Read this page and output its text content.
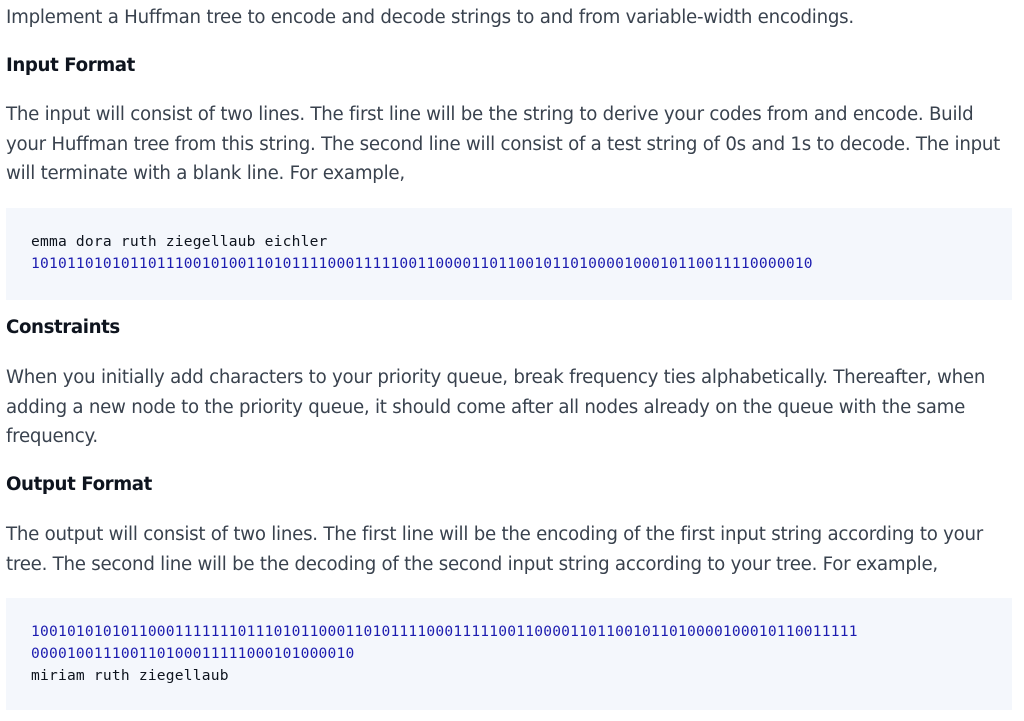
Implement a Huffman tree to encode and decode strings to and from variable-width encodings.

Input Format

The input will consist of two lines. The first line will be the string to derive your codes from and encode. Build your Huffman tree from this string. The second line will consist of a test string of 0s and 1s to decode. The input will terminate with a blank line. For example,

emma dora ruth ziegellaub eichler
101011010101101110010100110101111000111110011000011011001011010000100010110011110000010
Constraints

When you initially add characters to your priority queue, break frequency ties alphabetically. Thereafter, when adding a new node to the priority queue, it should come after all nodes already on the queue with the same frequency.

Output Format

The output will consist of two lines. The first line will be the encoding of the first input string according to your tree. The second line will be the decoding of the second input string according to your tree. For example,

10010101010110001111111011101011000110101111000111110011000011011001011010000100010110011111
000010011100110100011111000101000010
miriam ruth ziegellaub
